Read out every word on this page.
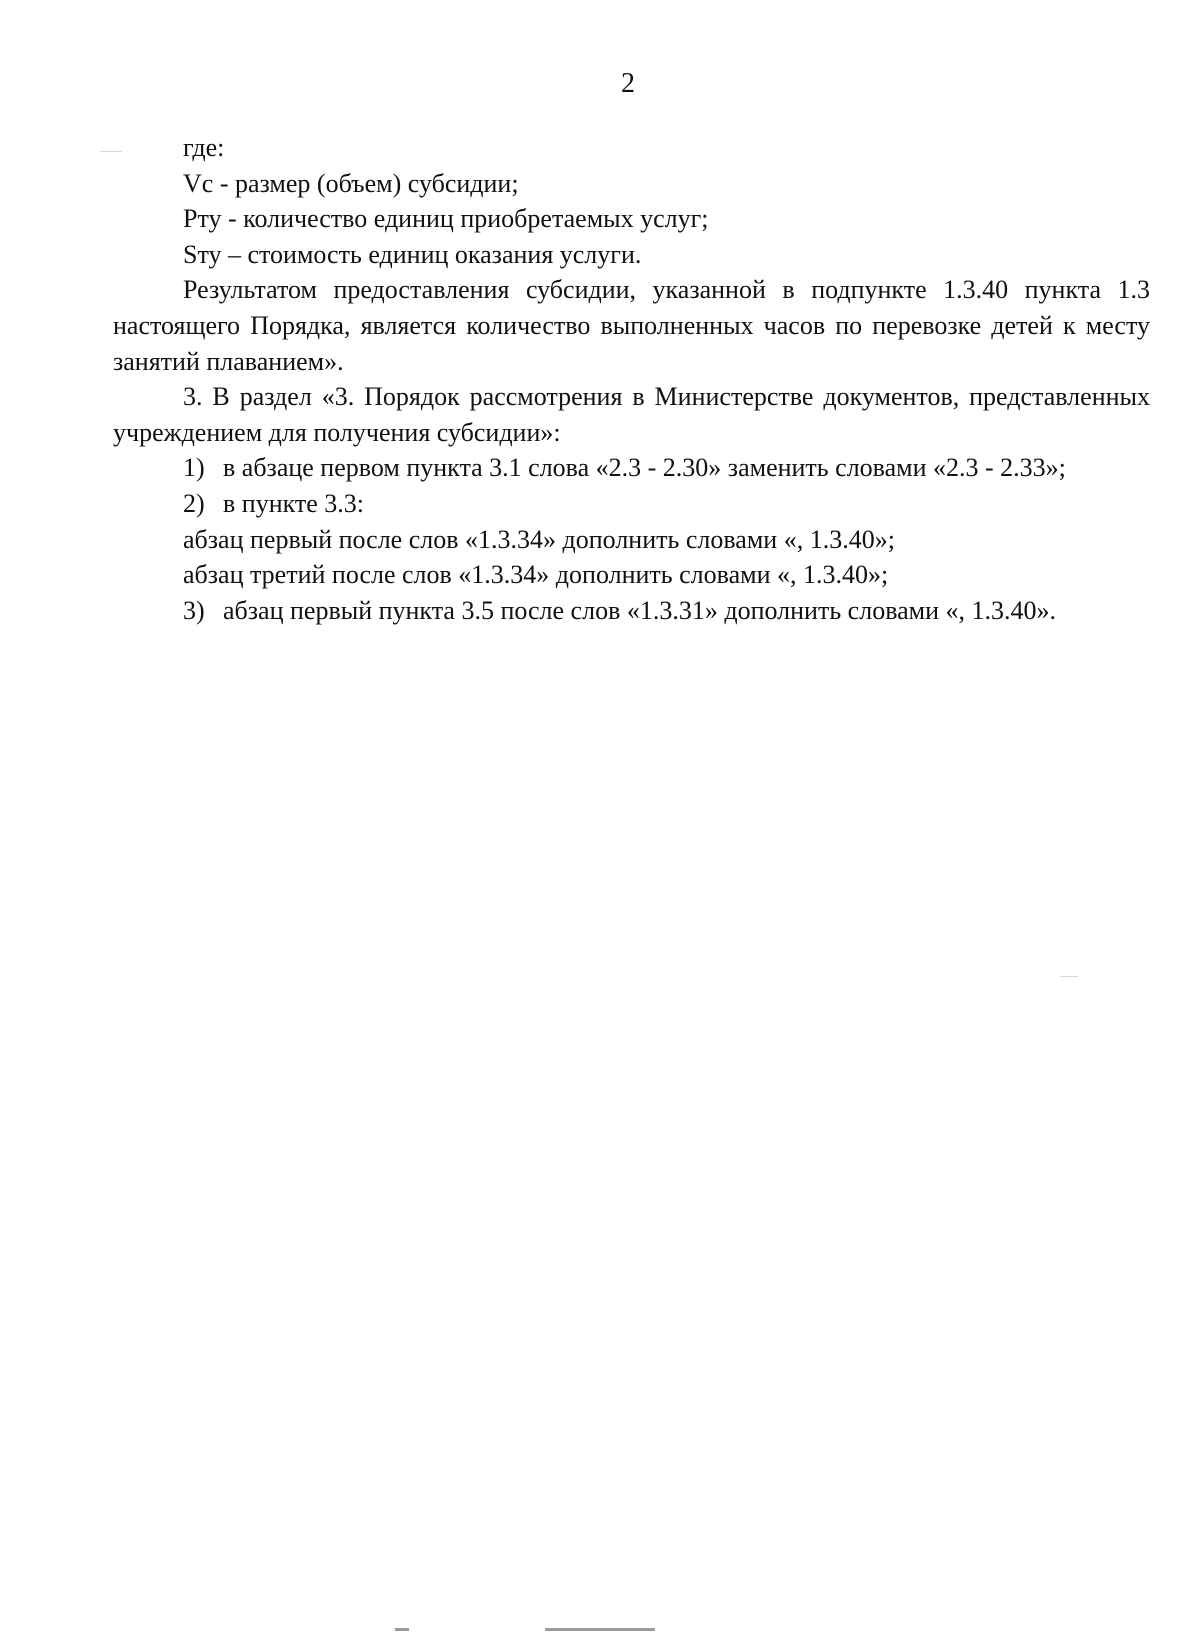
2

где:

Vc - размер (объем) субсидии;

Pту - количество единиц приобретаемых услуг;

Sту – стоимость единиц оказания услуги.

Результатом предоставления субсидии, указанной в подпункте 1.3.40 пункта 1.3 настоящего Порядка, является количество выполненных часов по перевозке детей к месту занятий плаванием».

3. В раздел «3. Порядок рассмотрения в Министерстве документов, представленных учреждением для получения субсидии»:

1) в абзаце первом пункта 3.1 слова «2.3 - 2.30» заменить словами «2.3 - 2.33»;

2) в пункте 3.3:

абзац первый после слов «1.3.34» дополнить словами «, 1.3.40»;

абзац третий после слов «1.3.34» дополнить словами «, 1.3.40»;

3) абзац первый пункта 3.5 после слов «1.3.31» дополнить словами «, 1.3.40».
